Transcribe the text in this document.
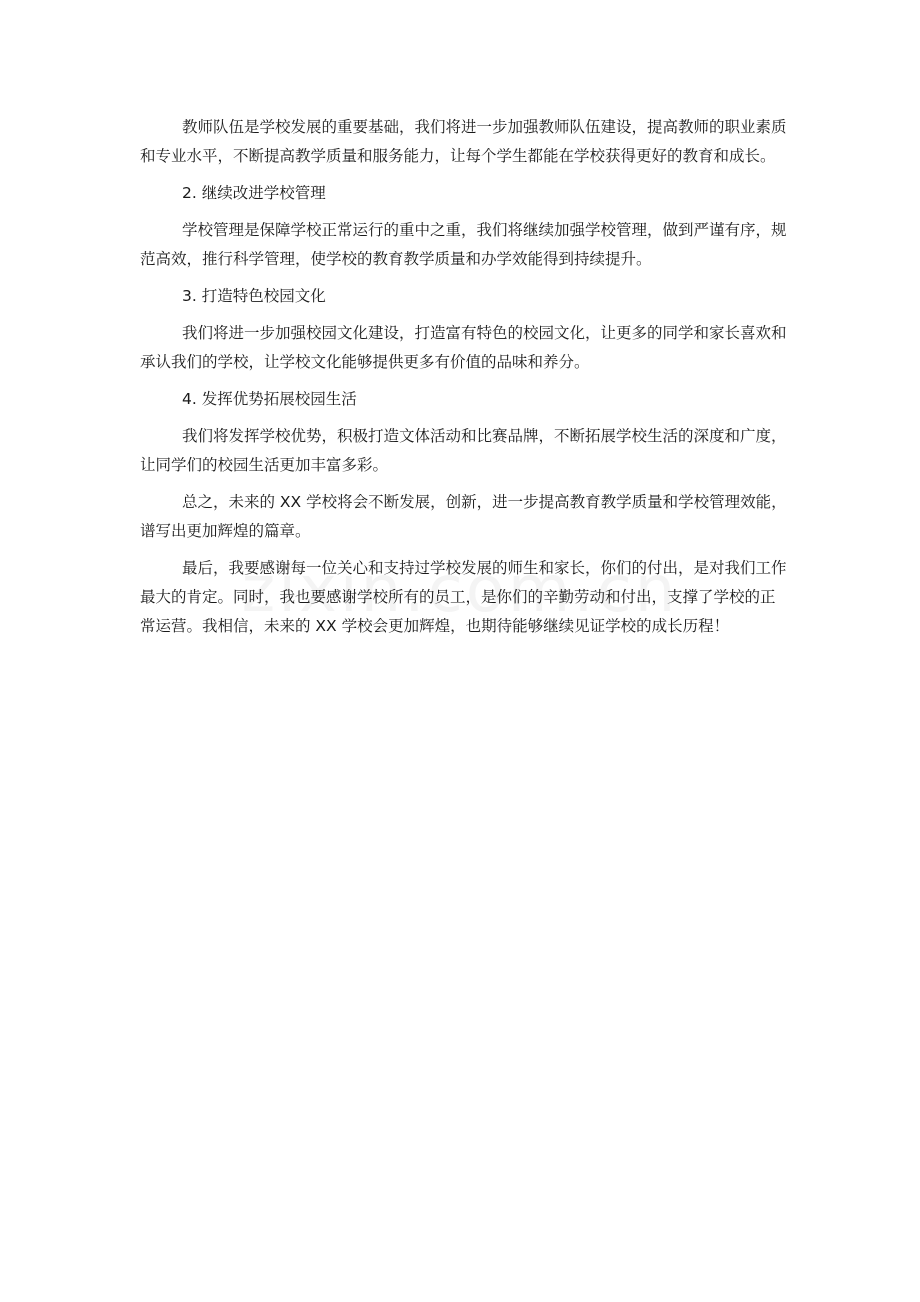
教师队伍是学校发展的重要基础，我们将进一步加强教师队伍建设，提高教师的职业素质和专业水平，不断提高教学质量和服务能力，让每个学生都能在学校获得更好的教育和成长。

2. 继续改进学校管理

学校管理是保障学校正常运行的重中之重，我们将继续加强学校管理，做到严谨有序，规范高效，推行科学管理，使学校的教育教学质量和办学效能得到持续提升。

3. 打造特色校园文化

我们将进一步加强校园文化建设，打造富有特色的校园文化，让更多的同学和家长喜欢和承认我们的学校，让学校文化能够提供更多有价值的品味和养分。

4. 发挥优势拓展校园生活

我们将发挥学校优势，积极打造文体活动和比赛品牌，不断拓展学校生活的深度和广度，让同学们的校园生活更加丰富多彩。

总之，未来的 XX 学校将会不断发展，创新，进一步提高教育教学质量和学校管理效能，谱写出更加辉煌的篇章。

最后，我要感谢每一位关心和支持过学校发展的师生和家长，你们的付出，是对我们工作最大的肯定。同时，我也要感谢学校所有的员工，是你们的辛勤劳动和付出，支撑了学校的正常运营。我相信，未来的 XX 学校会更加辉煌，也期待能够继续见证学校的成长历程！
